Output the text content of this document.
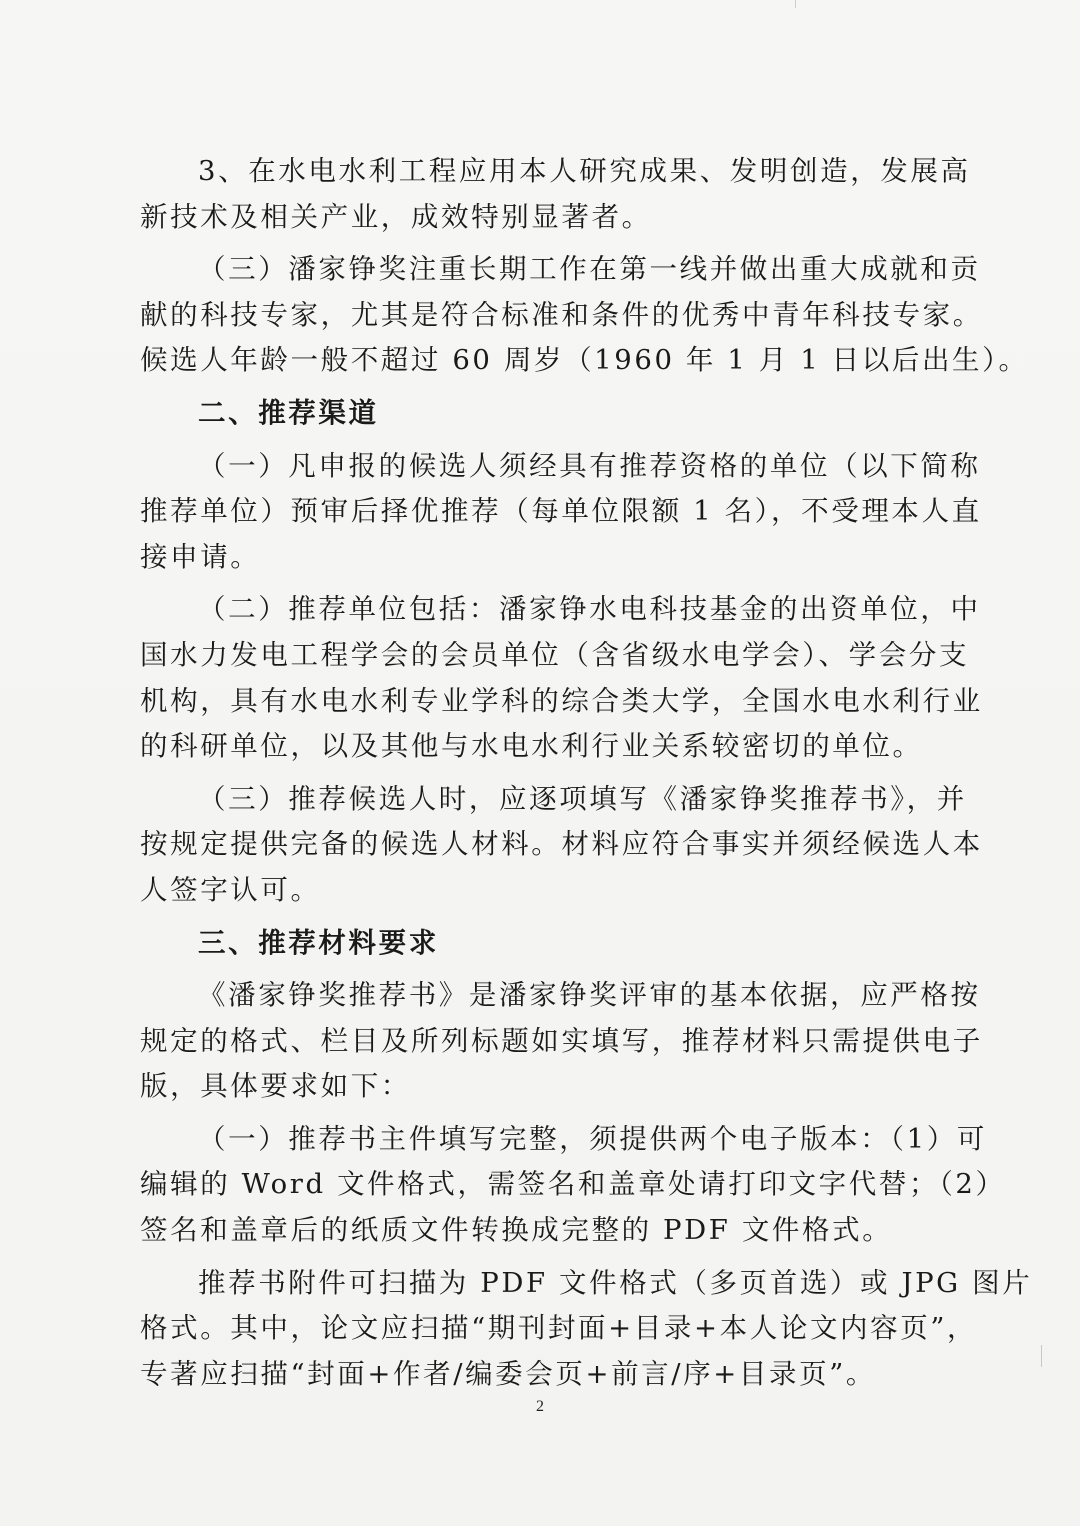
3、在水电水利工程应用本人研究成果、发明创造，发展高
新技术及相关产业，成效特别显著者。

（三）潘家铮奖注重长期工作在第一线并做出重大成就和贡
献的科技专家，尤其是符合标准和条件的优秀中青年科技专家。
候选人年龄一般不超过 60 周岁（1960 年 1 月 1 日以后出生）。

二、推荐渠道

（一）凡申报的候选人须经具有推荐资格的单位（以下简称
推荐单位）预审后择优推荐（每单位限额 1 名），不受理本人直
接申请。

（二）推荐单位包括：潘家铮水电科技基金的出资单位，中
国水力发电工程学会的会员单位（含省级水电学会）、学会分支
机构，具有水电水利专业学科的综合类大学，全国水电水利行业
的科研单位，以及其他与水电水利行业关系较密切的单位。

（三）推荐候选人时，应逐项填写《潘家铮奖推荐书》，并
按规定提供完备的候选人材料。材料应符合事实并须经候选人本
人签字认可。

三、推荐材料要求

《潘家铮奖推荐书》是潘家铮奖评审的基本依据，应严格按
规定的格式、栏目及所列标题如实填写，推荐材料只需提供电子
版，具体要求如下：

（一）推荐书主件填写完整，须提供两个电子版本：（1）可
编辑的 Word 文件格式，需签名和盖章处请打印文字代替；（2）
签名和盖章后的纸质文件转换成完整的 PDF 文件格式。

推荐书附件可扫描为 PDF 文件格式（多页首选）或 JPG 图片
格式。其中，论文应扫描“期刊封面+目录+本人论文内容页”，
专著应扫描“封面+作者/编委会页+前言/序+目录页”。

2
